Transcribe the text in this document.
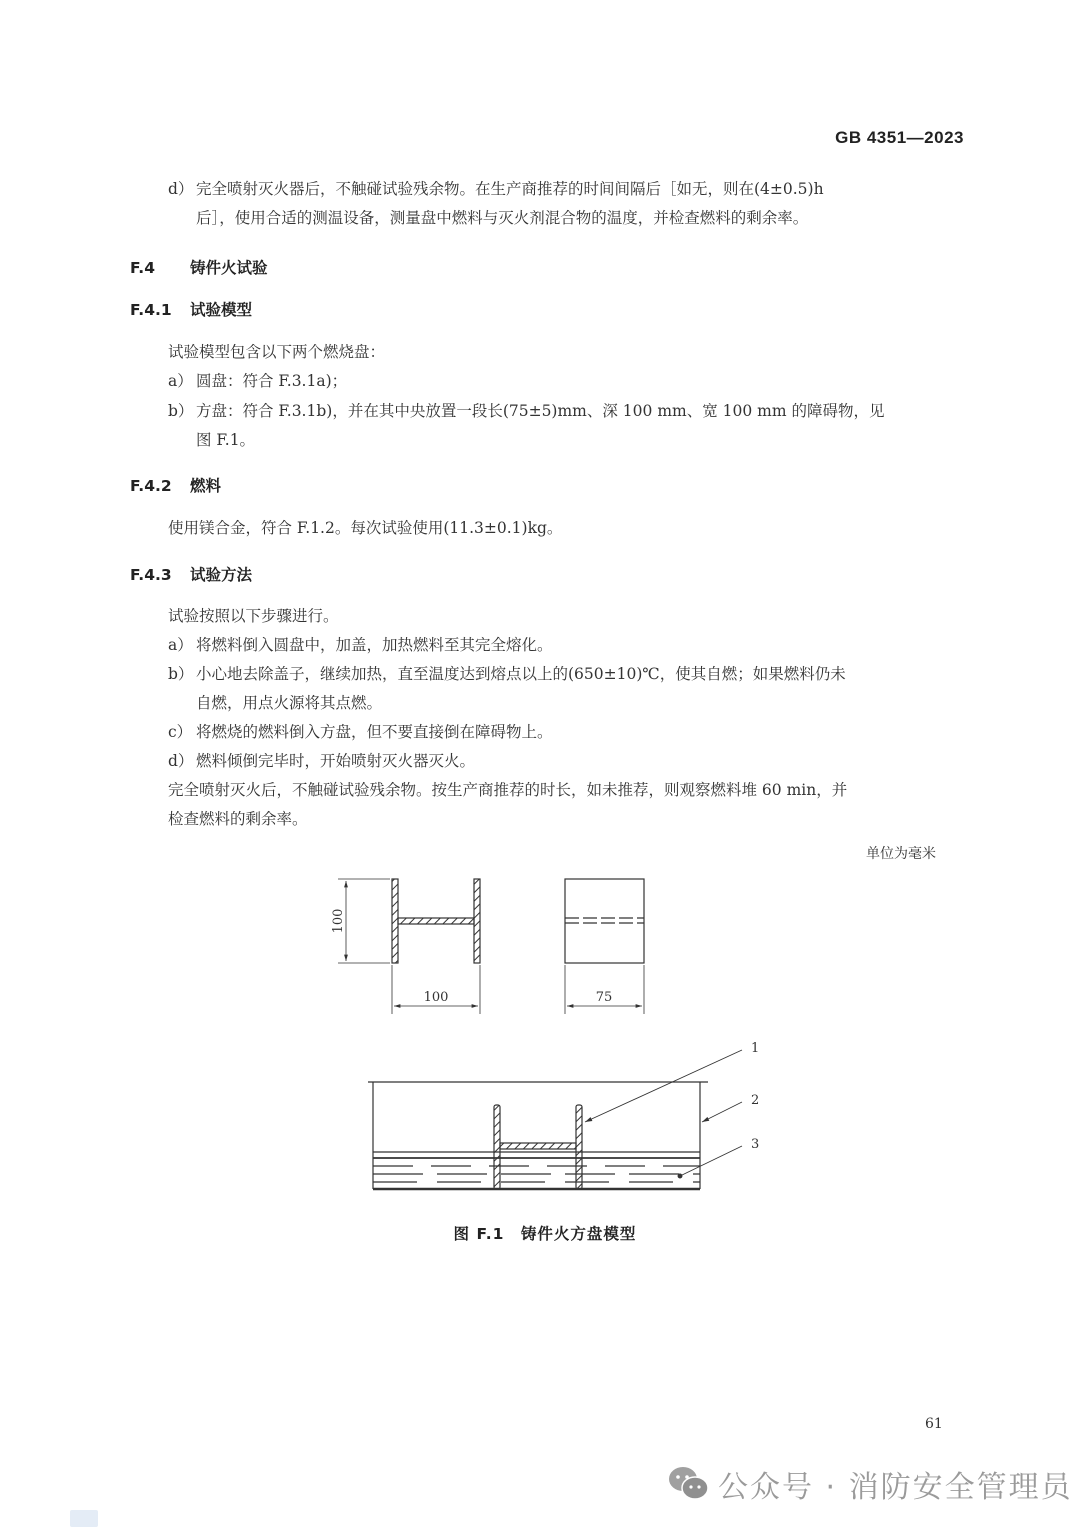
GB 4351—2023
d） 完全喷射灭火器后，不触碰试验残余物。在生产商推荐的时间间隔后［如无，则在(4±0.5)h
后］，使用合适的测温设备，测量盘中燃料与灭火剂混合物的温度，并检查燃料的剩余率。
F.4 铸件火试验
F.4.1 试验模型
试验模型包含以下两个燃烧盘：
a） 圆盘：符合 F.3.1a)；
b） 方盘：符合 F.3.1b)，并在其中央放置一段长(75±5)mm、深 100 mm、宽 100 mm 的障碍物，见
图 F.1。
F.4.2 燃料
使用镁合金，符合 F.1.2。每次试验使用(11.3±0.1)kg。
F.4.3 试验方法
试验按照以下步骤进行。
a） 将燃料倒入圆盘中，加盖，加热燃料至其完全熔化。
b） 小心地去除盖子，继续加热，直至温度达到熔点以上的(650±10)℃，使其自燃；如果燃料仍未
自燃，用点火源将其点燃。
c） 将燃烧的燃料倒入方盘，但不要直接倒在障碍物上。
d） 燃料倾倒完毕时，开始喷射灭火器灭火。
完全喷射灭火后，不触碰试验残余物。按生产商推荐的时长，如未推荐，则观察燃料堆 60 min，并
检查燃料的剩余率。
单位为毫米
100
100	75
1
2
3
图 F.1　铸件火方盘模型
61
公众号 · 消防安全管理员
